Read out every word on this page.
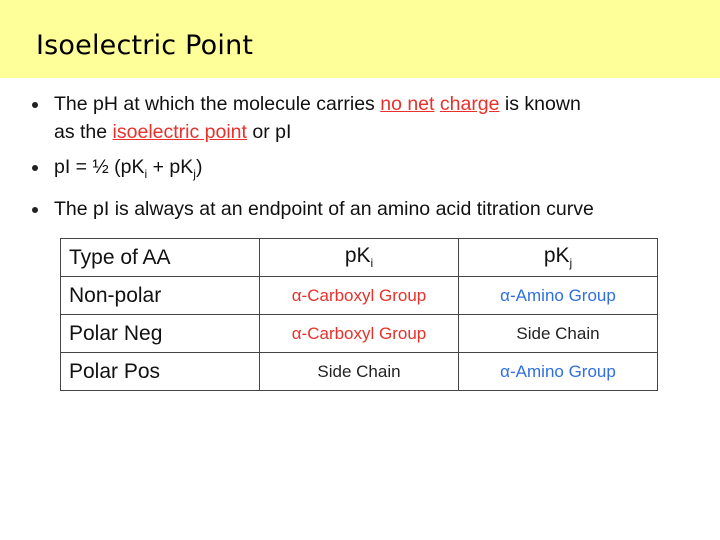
Isoelectric Point
The pH at which the molecule carries no net charge is known
as the isoelectric point or pI
pI = ½ $(pK_i + pK_j)$
The pI is always at an endpoint of an amino acid titration curve
Type of AA	$pK_i$	$pK_j$
Non-polar	α-Carboxyl Group	α-Amino Group
Polar Neg	α-Carboxyl Group	Side Chain
Polar Pos	Side Chain	α-Amino Group
